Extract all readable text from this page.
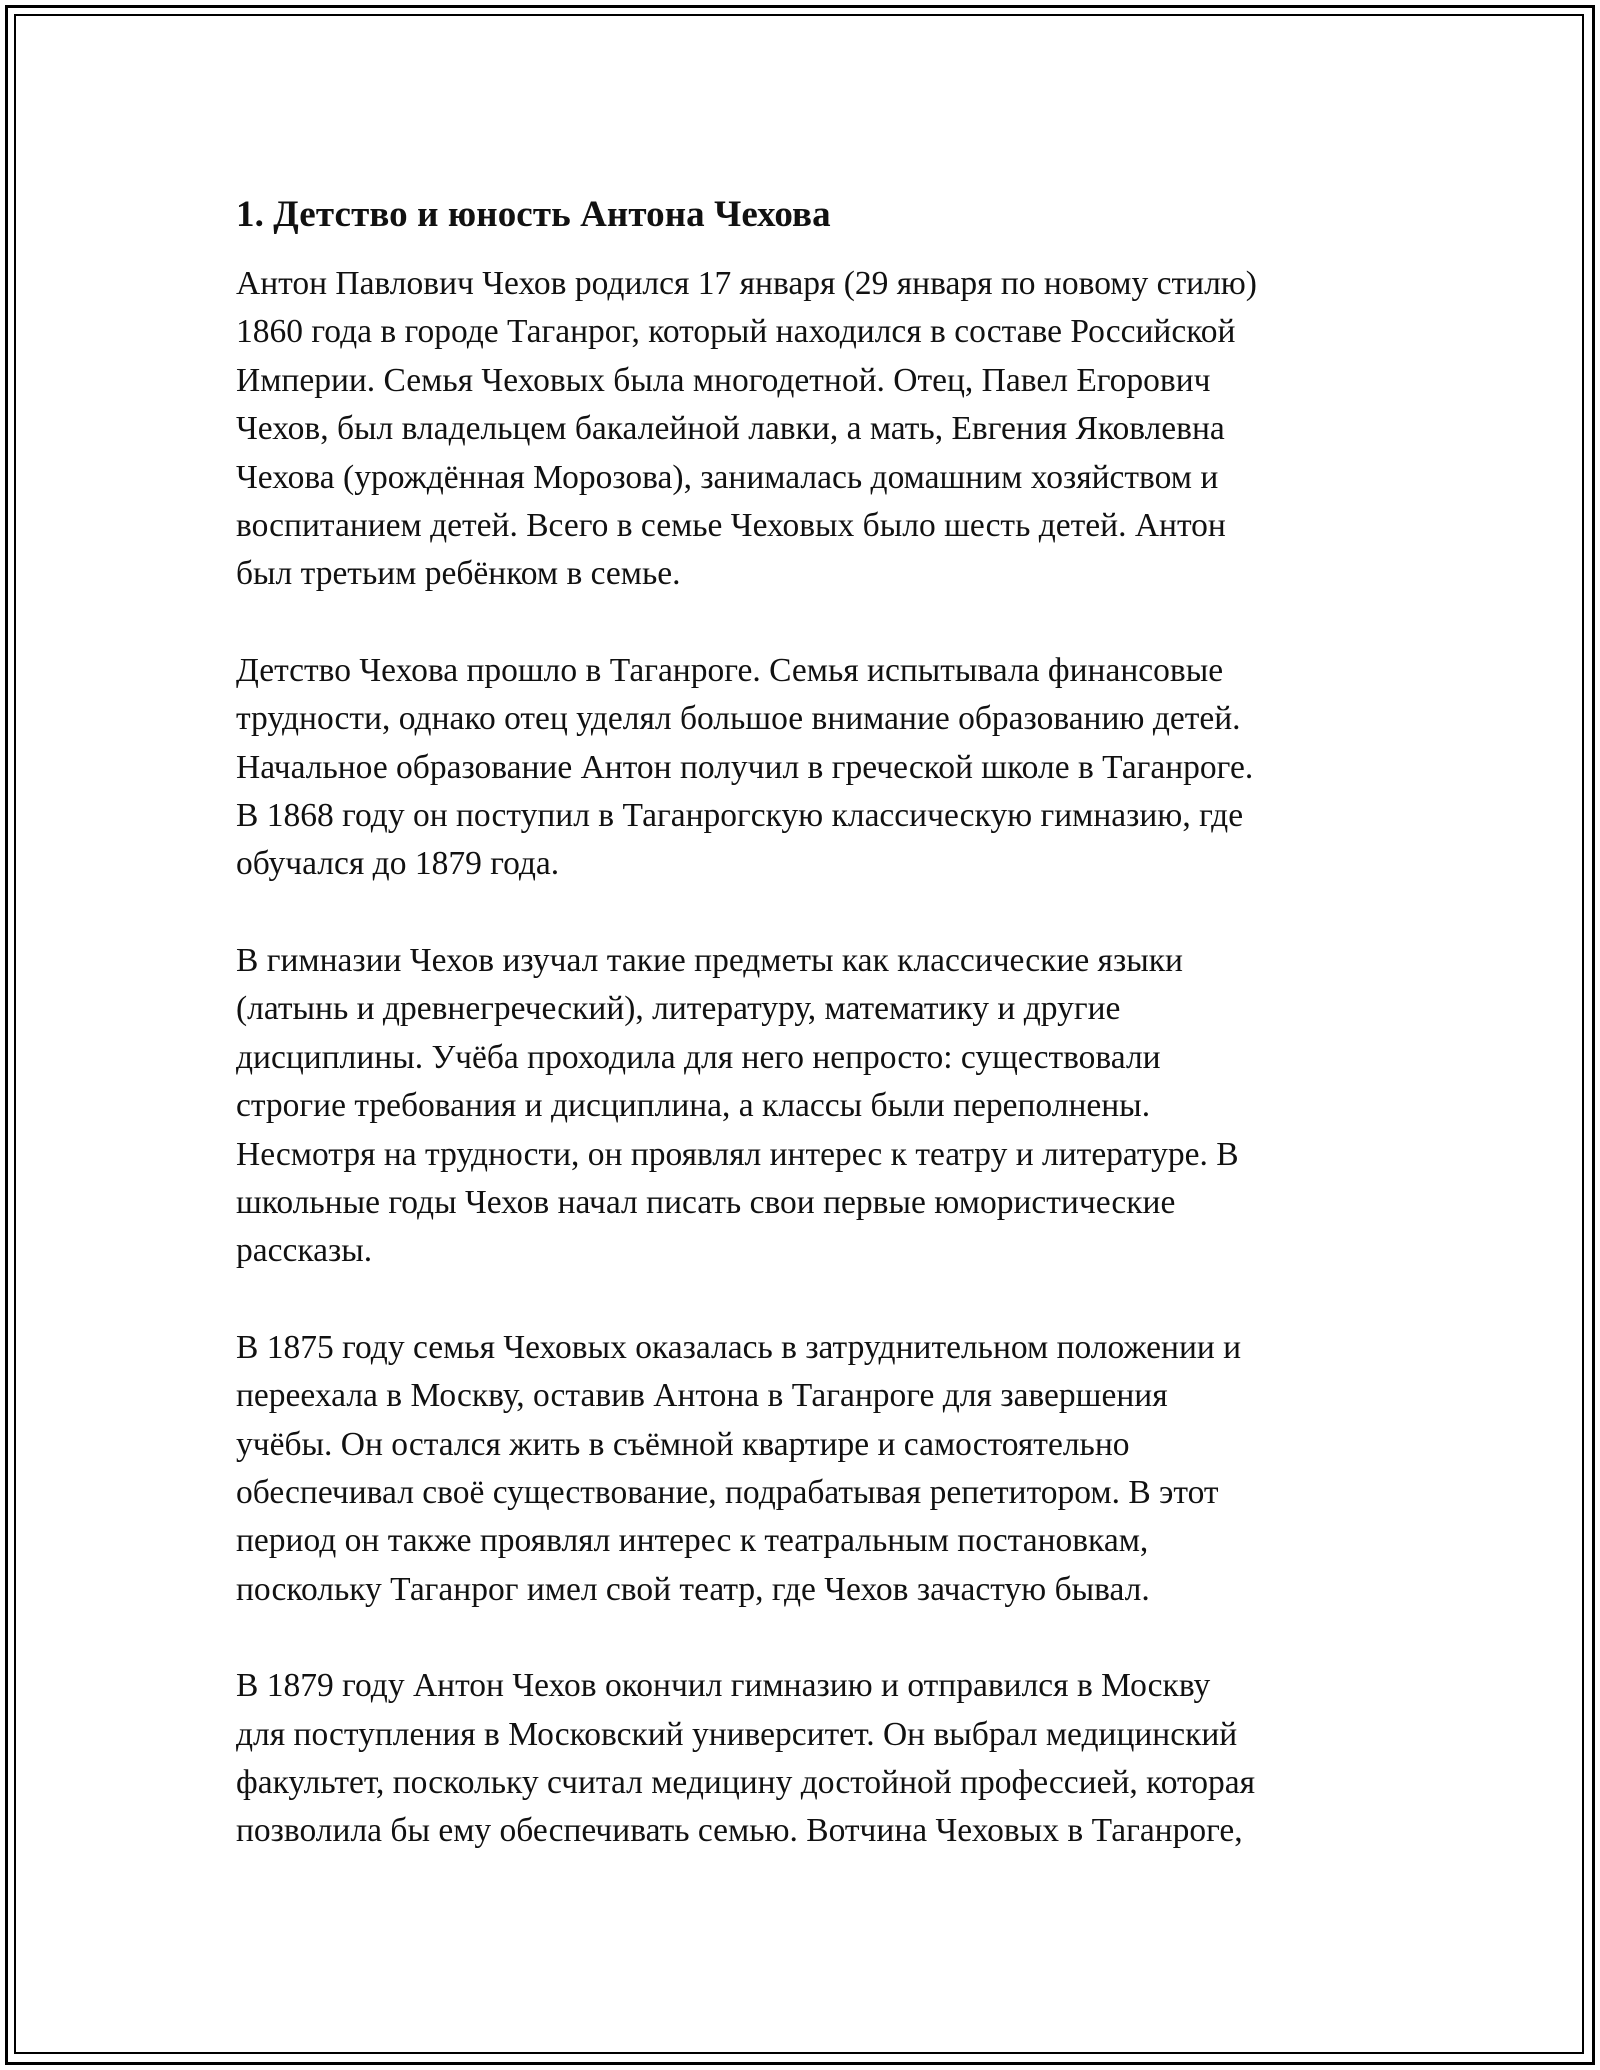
1. Детство и юность Антона Чехова

Антон Павлович Чехов родился 17 января (29 января по новому стилю)
1860 года в городе Таганрог, который находился в составе Российской
Империи. Семья Чеховых была многодетной. Отец, Павел Егорович
Чехов, был владельцем бакалейной лавки, а мать, Евгения Яковлевна
Чехова (урождённая Морозова), занималась домашним хозяйством и
воспитанием детей. Всего в семье Чеховых было шесть детей. Антон
был третьим ребёнком в семье.

Детство Чехова прошло в Таганроге. Семья испытывала финансовые
трудности, однако отец уделял большое внимание образованию детей.
Начальное образование Антон получил в греческой школе в Таганроге.
В 1868 году он поступил в Таганрогскую классическую гимназию, где
обучался до 1879 года.

В гимназии Чехов изучал такие предметы как классические языки
(латынь и древнегреческий), литературу, математику и другие
дисциплины. Учёба проходила для него непросто: существовали
строгие требования и дисциплина, а классы были переполнены.
Несмотря на трудности, он проявлял интерес к театру и литературе. В
школьные годы Чехов начал писать свои первые юмористические
рассказы.

В 1875 году семья Чеховых оказалась в затруднительном положении и
переехала в Москву, оставив Антона в Таганроге для завершения
учёбы. Он остался жить в съёмной квартире и самостоятельно
обеспечивал своё существование, подрабатывая репетитором. В этот
период он также проявлял интерес к театральным постановкам,
поскольку Таганрог имел свой театр, где Чехов зачастую бывал.

В 1879 году Антон Чехов окончил гимназию и отправился в Москву
для поступления в Московский университет. Он выбрал медицинский
факультет, поскольку считал медицину достойной профессией, которая
позволила бы ему обеспечивать семью. Вотчина Чеховых в Таганроге,
